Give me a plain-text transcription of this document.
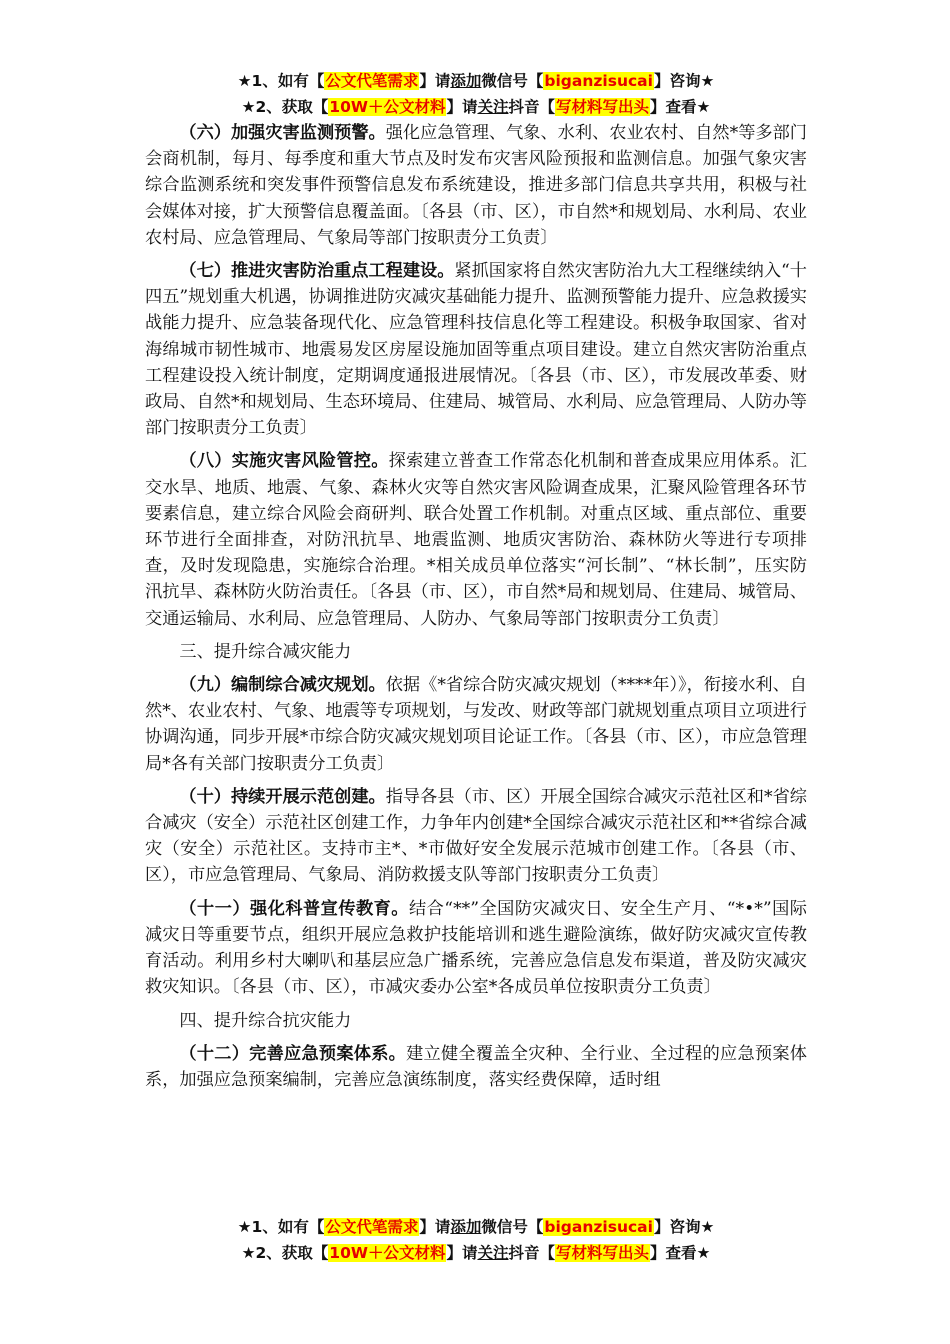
★1、如有【公文代笔需求】请添加微信号【biganzisucai】咨询★
★2、获取【10W＋公文材料】请关注抖音【写材料写出头】查看★

（六）加强灾害监测预警。强化应急管理、气象、水利、农业农村、自然*等多部门会商机制，每月、每季度和重大节点及时发布灾害风险预报和监测信息。加强气象灾害综合监测系统和突发事件预警信息发布系统建设，推进多部门信息共享共用，积极与社会媒体对接，扩大预警信息覆盖面。〔各县（市、区），市自然*和规划局、水利局、农业农村局、应急管理局、气象局等部门按职责分工负责〕

（七）推进灾害防治重点工程建设。紧抓国家将自然灾害防治九大工程继续纳入“十四五”规划重大机遇，协调推进防灾减灾基础能力提升、监测预警能力提升、应急救援实战能力提升、应急装备现代化、应急管理科技信息化等工程建设。积极争取国家、省对海绵城市韧性城市、地震易发区房屋设施加固等重点项目建设。建立自然灾害防治重点工程建设投入统计制度，定期调度通报进展情况。〔各县（市、区），市发展改革委、财政局、自然*和规划局、生态环境局、住建局、城管局、水利局、应急管理局、人防办等部门按职责分工负责〕

（八）实施灾害风险管控。探索建立普查工作常态化机制和普查成果应用体系。汇交水旱、地质、地震、气象、森林火灾等自然灾害风险调查成果，汇聚风险管理各环节要素信息，建立综合风险会商研判、联合处置工作机制。对重点区域、重点部位、重要环节进行全面排查，对防汛抗旱、地震监测、地质灾害防治、森林防火等进行专项排查，及时发现隐患，实施综合治理。*相关成员单位落实“河长制”、“林长制”，压实防汛抗旱、森林防火防治责任。〔各县（市、区），市自然*局和规划局、住建局、城管局、交通运输局、水利局、应急管理局、人防办、气象局等部门按职责分工负责〕

三、提升综合减灾能力

（九）编制综合减灾规划。依据《*省综合防灾减灾规划（****年）》，衔接水利、自然*、农业农村、气象、地震等专项规划，与发改、财政等部门就规划重点项目立项进行协调沟通，同步开展*市综合防灾减灾规划项目论证工作。〔各县（市、区），市应急管理局*各有关部门按职责分工负责〕

（十）持续开展示范创建。指导各县（市、区）开展全国综合减灾示范社区和*省综合减灾（安全）示范社区创建工作，力争年内创建*全国综合减灾示范社区和**省综合减灾（安全）示范社区。支持市主*、*市做好安全发展示范城市创建工作。〔各县（市、区），市应急管理局、气象局、消防救援支队等部门按职责分工负责〕

（十一）强化科普宣传教育。结合“**”全国防灾减灾日、安全生产月、“*•*”国际减灾日等重要节点，组织开展应急救护技能培训和逃生避险演练，做好防灾减灾宣传教育活动。利用乡村大喇叭和基层应急广播系统，完善应急信息发布渠道，普及防灾减灾救灾知识。〔各县（市、区），市减灾委办公室*各成员单位按职责分工负责〕

四、提升综合抗灾能力

（十二）完善应急预案体系。建立健全覆盖全灾种、全行业、全过程的应急预案体系，加强应急预案编制，完善应急演练制度，落实经费保障，适时组

★1、如有【公文代笔需求】请添加微信号【biganzisucai】咨询★
★2、获取【10W＋公文材料】请关注抖音【写材料写出头】查看★
